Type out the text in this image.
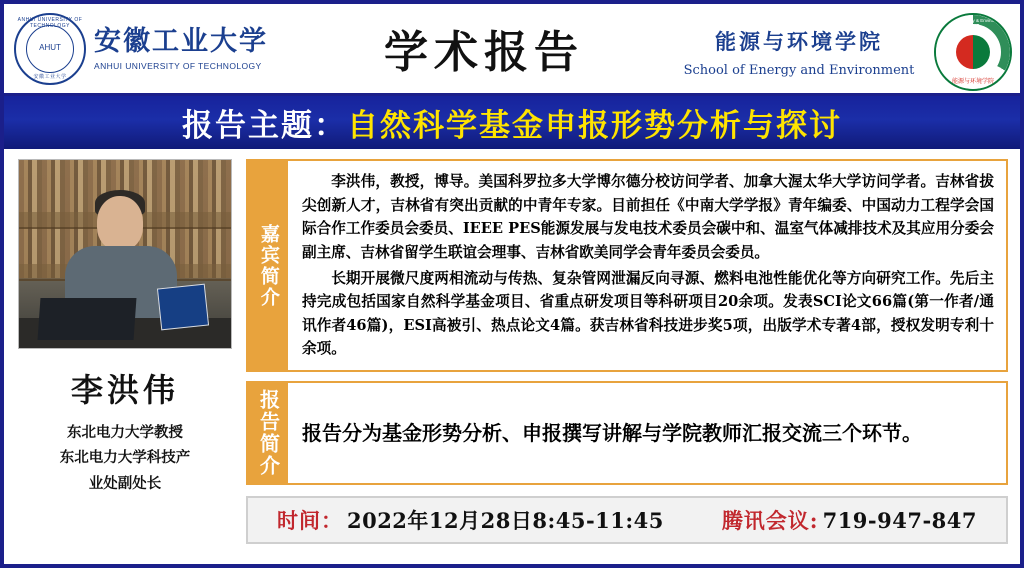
ANHUI UNIVERSITY OF TECHNOLOGY
AHUT
安徽工业大学
安徽工业大学
ANHUI UNIVERSITY OF TECHNOLOGY	学术报告	能源与环境学院
School of Energy and Environment
School of Energy & Environment AHUT
能源与环境学院
报告主题： 自然科学基金申报形势分析与探讨
李洪伟
东北电力大学教授
东北电力大学科技产
业处副处长
嘉宾简介

李洪伟，教授，博导。美国科罗拉多大学博尔德分校访问学者、加拿大渥太华大学访问学者。吉林省拔尖创新人才，吉林省有突出贡献的中青年专家。目前担任《中南大学学报》青年编委、中国动力工程学会国际合作工作委员会委员、IEEE PES能源发展与发电技术委员会碳中和、温室气体减排技术及其应用分委会副主席、吉林省留学生联谊会理事、吉林省欧美同学会青年委员会委员。

长期开展微尺度两相流动与传热、复杂管网泄漏反向寻源、燃料电池性能优化等方向研究工作。先后主持完成包括国家自然科学基金项目、省重点研发项目等科研项目20余项。发表SCI论文66篇(第一作者/通讯作者46篇)，ESI高被引、热点论文4篇。获吉林省科技进步奖5项，出版学术专著4部，授权发明专利十余项。

报告简介 报告分为基金形势分析、申报撰写讲解与学院教师汇报交流三个环节。
时间： 2022年12月28日8:45-11:45	腾讯会议: 719-947-847
